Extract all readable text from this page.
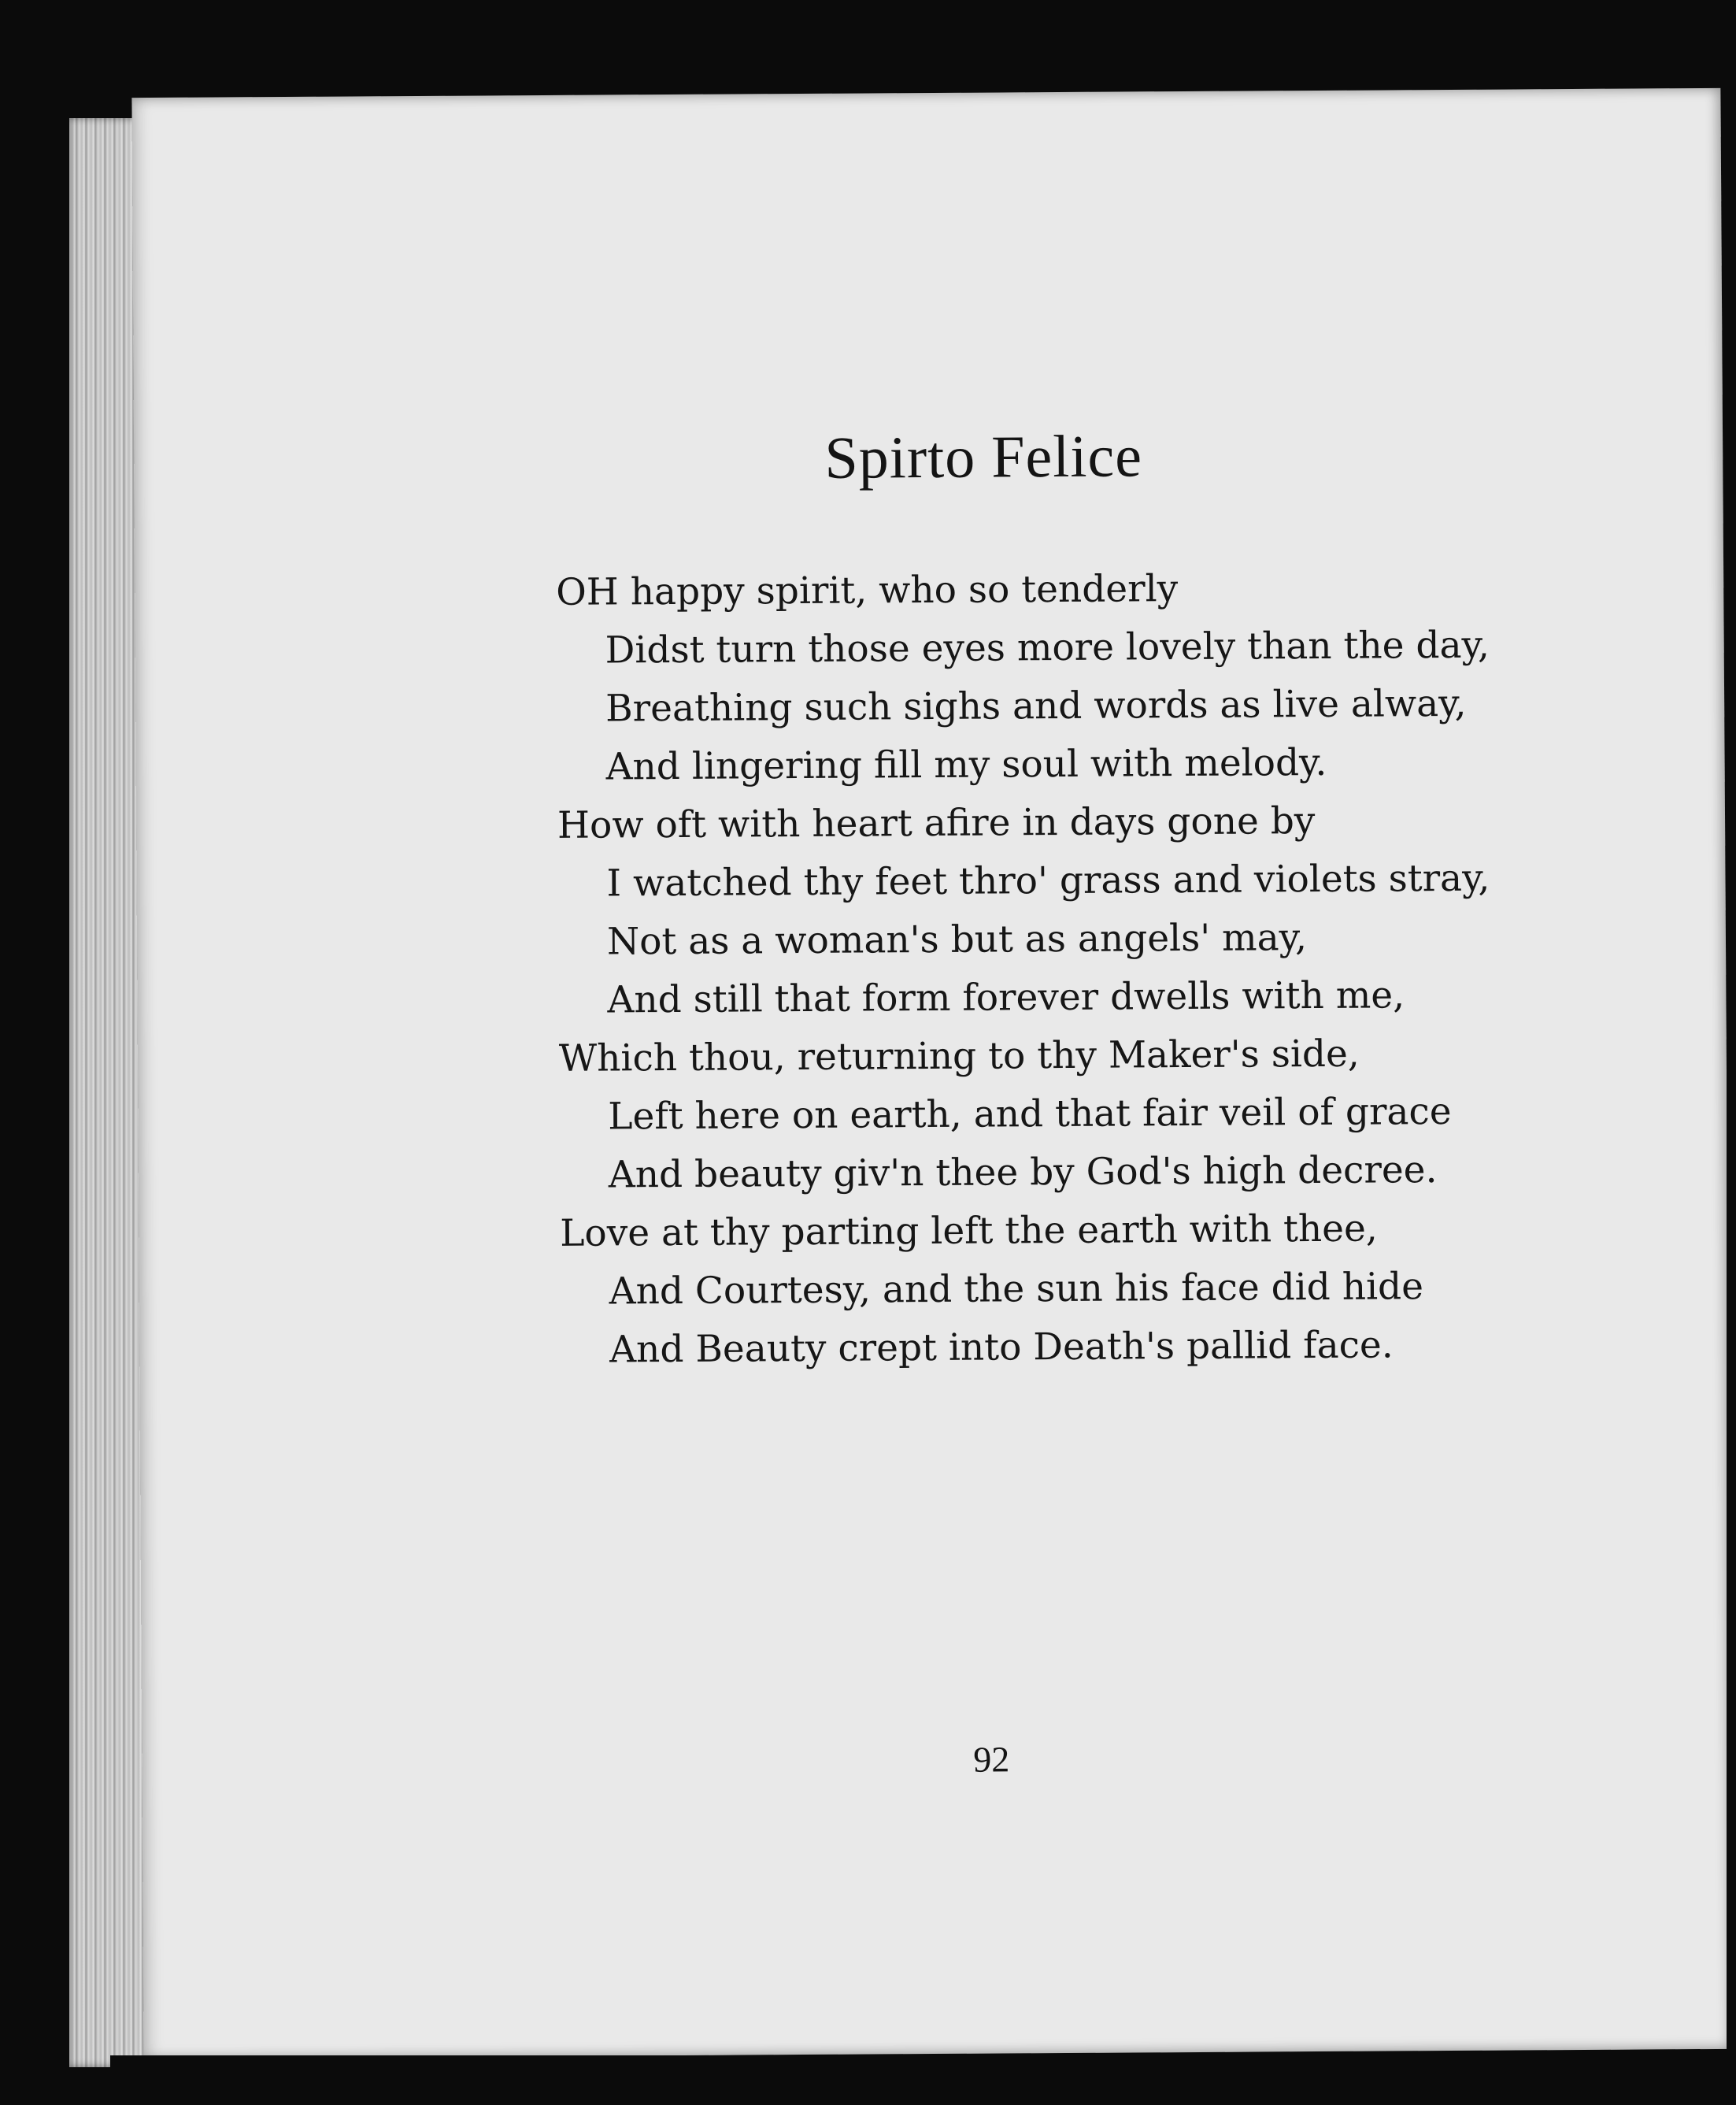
Spirto Felice
OH happy spirit, who so tenderly
Didst turn those eyes more lovely than the day,
Breathing such sighs and words as live alway,
And lingering fill my soul with melody.
How oft with heart afire in days gone by
I watched thy feet thro' grass and violets stray,
Not as a woman's but as angels' may,
And still that form forever dwells with me,
Which thou, returning to thy Maker's side,
Left here on earth, and that fair veil of grace
And beauty giv'n thee by God's high decree.
Love at thy parting left the earth with thee,
And Courtesy, and the sun his face did hide
And Beauty crept into Death's pallid face.
92
